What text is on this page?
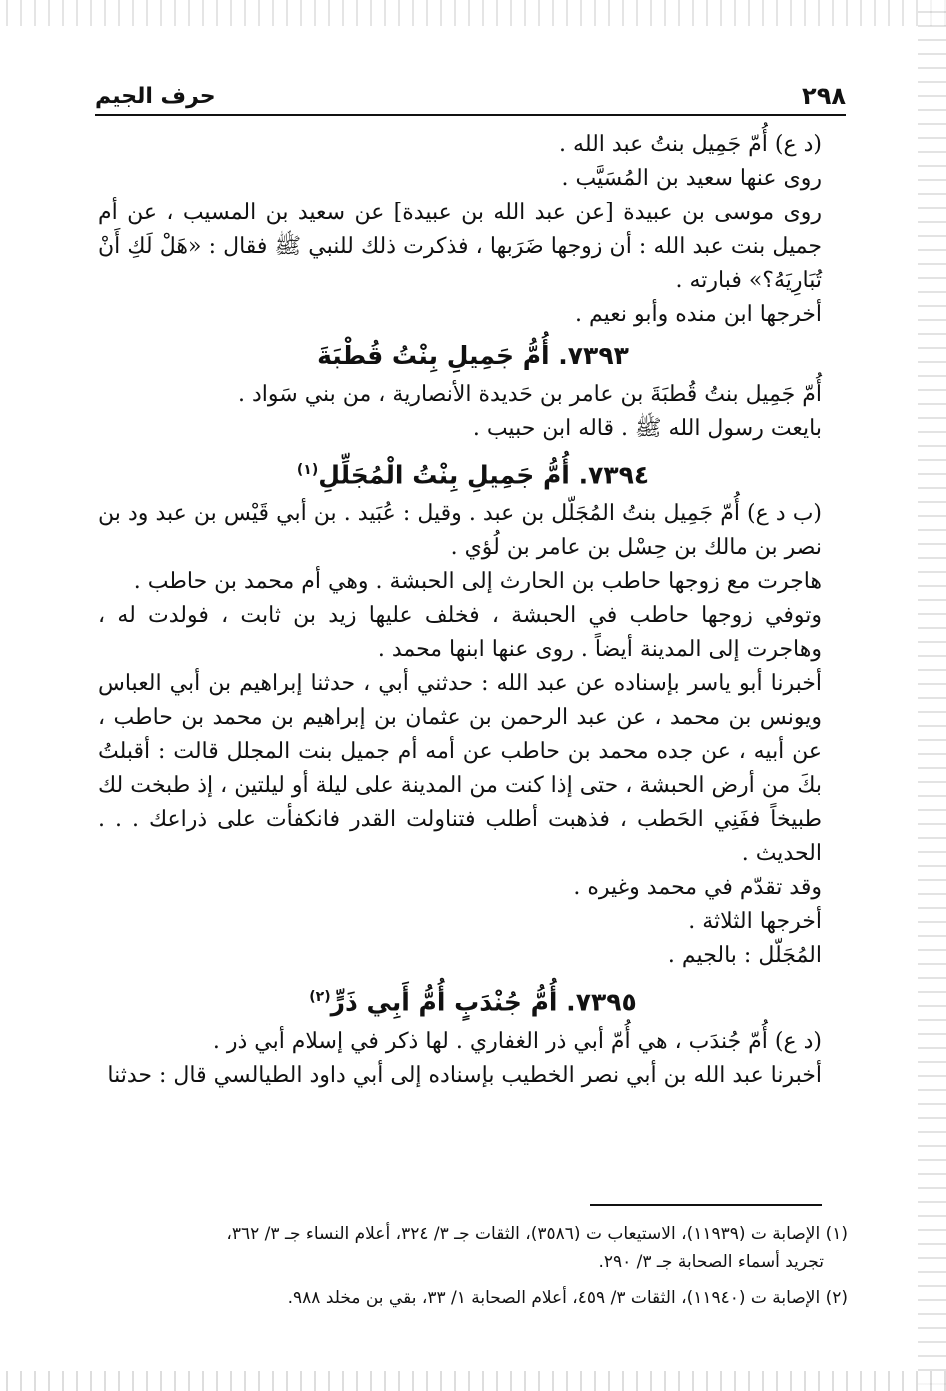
٢٩٨
حرف الجيم

(د ع) أُمّ جَمِيل بنتُ عبد الله .

روى عنها سعيد بن المُسَيَّب .

روى موسى بن عبيدة [عن عبد الله بن عبيدة] عن سعيد بن المسيب ، عن أم جميل بنت عبد الله : أن زوجها ضَرَبها ، فذكرت ذلك للنبي ﷺ فقال : «هَلْ لَكِ أَنْ تُبَارِيَهُ؟» فبارته .

أخرجها ابن منده وأبو نعيم .

٧٣٩٣. أُمُّ جَمِيلِ بِنْتُ قُطْبَةَ

أُمّ جَمِيل بنتُ قُطبَةَ بن عامر بن حَديدة الأنصارية ، من بني سَواد .

بايعت رسول الله ﷺ . قاله ابن حبيب .

٧٣٩٤. أُمُّ جَمِيلِ بِنْتُ الْمُجَلِّلِ$^{(١)}$

(ب د ع) أُمّ جَمِيل بنتُ المُجَلّل بن عبد . وقيل : عُبَيد . بن أبي قَيْس بن عبد ود بن نصر بن مالك بن حِسْل بن عامر بن لُؤي .

هاجرت مع زوجها حاطب بن الحارث إلى الحبشة . وهي أم محمد بن حاطب .

وتوفي زوجها حاطب في الحبشة ، فخلف عليها زيد بن ثابت ، فولدت له ، وهاجرت إلى المدينة أيضاً . روى عنها ابنها محمد .

أخبرنا أبو ياسر بإسناده عن عبد الله : حدثني أبي ، حدثنا إبراهيم بن أبي العباس ويونس بن محمد ، عن عبد الرحمن بن عثمان بن إبراهيم بن محمد بن حاطب ، عن أبيه ، عن جده محمد بن حاطب عن أمه أم جميل بنت المجلل قالت : أقبلتُ بكَ من أرض الحبشة ، حتى إذا كنت من المدينة على ليلة أو ليلتين ، إذ طبخت لك طبيخاً ففَنِي الحَطب ، فذهبت أطلب فتناولت القدر فانكفأت على ذراعك . . . الحديث .

وقد تقدّم في محمد وغيره .

أخرجها الثلاثة .

المُجَلّل : بالجيم .

٧٣٩٥. أُمُّ جُنْدَبٍ أُمُّ أَبِي ذَرٍّ$^{(٢)}$

(د ع) أُمّ جُندَب ، هي أُمّ أبي ذر الغفاري . لها ذكر في إسلام أبي ذر .

أخبرنا عبد الله بن أبي نصر الخطيب بإسناده إلى أبي داود الطيالسي قال : حدثنا

(١) الإصابة ت (١١٩٣٩)، الاستيعاب ت (٣٥٨٦)، الثقات جـ ٣/ ٣٢٤، أعلام النساء جـ ٣/ ٣٦٢،

تجريد أسماء الصحابة جـ ٣/ ٢٩٠.

(٢) الإصابة ت (١١٩٤٠)، الثقات ٣/ ٤٥٩، أعلام الصحابة ١/ ٣٣، بقي بن مخلد ٩٨٨.
